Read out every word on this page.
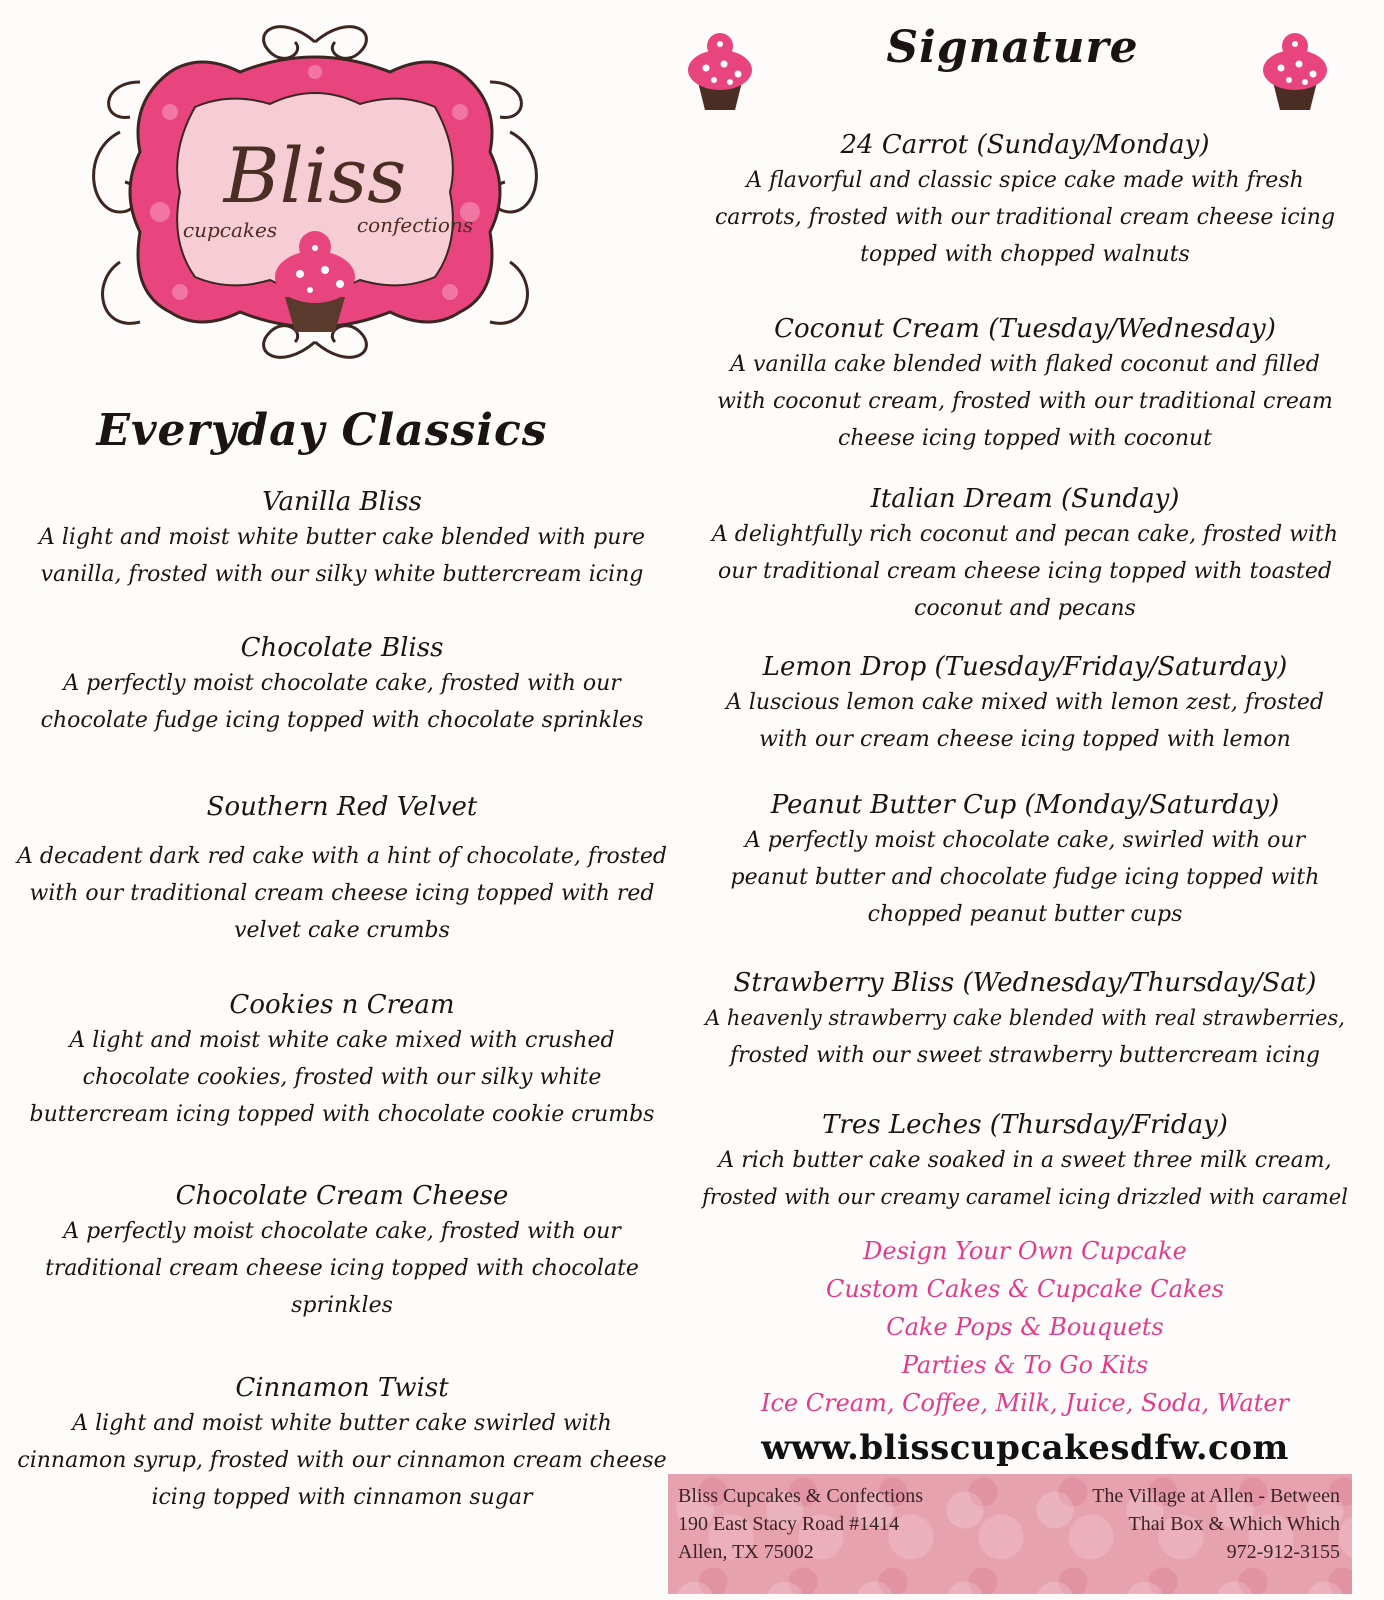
Bliss
cupcakes	confections
Everyday Classics

Vanilla Bliss

A light and moist white butter cake blended with pure

vanilla, frosted with our silky white buttercream icing

Chocolate Bliss

A perfectly moist chocolate cake, frosted with our

chocolate fudge icing topped with chocolate sprinkles

Southern Red Velvet

A decadent dark red cake with a hint of chocolate, frosted

with our traditional cream cheese icing topped with red

velvet cake crumbs

Cookies n Cream

A light and moist white cake mixed with crushed

chocolate cookies, frosted with our silky white

buttercream icing topped with chocolate cookie crumbs

Chocolate Cream Cheese

A perfectly moist chocolate cake, frosted with our

traditional cream cheese icing topped with chocolate

sprinkles

Cinnamon Twist

A light and moist white butter cake swirled with

cinnamon syrup, frosted with our cinnamon cream cheese

icing topped with cinnamon sugar

Signature

24 Carrot (Sunday/Monday)

A flavorful and classic spice cake made with fresh

carrots, frosted with our traditional cream cheese icing

topped with chopped walnuts

Coconut Cream (Tuesday/Wednesday)

A vanilla cake blended with flaked coconut and filled

with coconut cream, frosted with our traditional cream

cheese icing topped with coconut

Italian Dream (Sunday)

A delightfully rich coconut and pecan cake, frosted with

our traditional cream cheese icing topped with toasted

coconut and pecans

Lemon Drop (Tuesday/Friday/Saturday)

A luscious lemon cake mixed with lemon zest, frosted

with our cream cheese icing topped with lemon

Peanut Butter Cup (Monday/Saturday)

A perfectly moist chocolate cake, swirled with our

peanut butter and chocolate fudge icing topped with

chopped peanut butter cups

Strawberry Bliss (Wednesday/Thursday/Sat)

A heavenly strawberry cake blended with real strawberries,

frosted with our sweet strawberry buttercream icing

Tres Leches (Thursday/Friday)

A rich butter cake soaked in a sweet three milk cream,

frosted with our creamy caramel icing drizzled with caramel

Design Your Own Cupcake

Custom Cakes & Cupcake Cakes

Cake Pops & Bouquets

Parties & To Go Kits

Ice Cream, Coffee, Milk, Juice, Soda, Water

www.blisscupcakesdfw.com
Bliss Cupcakes & Confections
190 East Stacy Road #1414
Allen, TX 75002
The Village at Allen - Between
Thai Box & Which Which
972-912-3155
